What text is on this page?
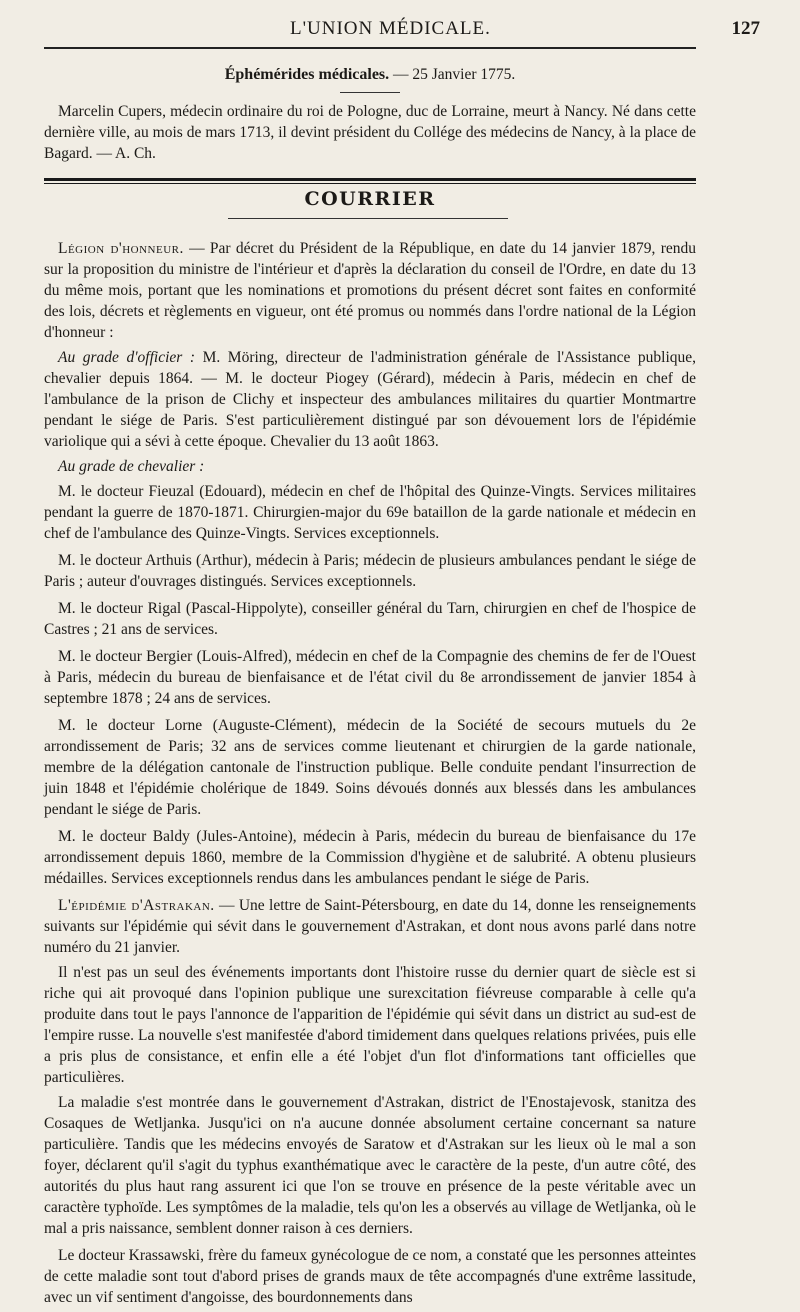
L'UNION MÉDICALE.	127

Éphémérides médicales. — 25 Janvier 1775.

Marcelin Cupers, médecin ordinaire du roi de Pologne, duc de Lorraine, meurt à Nancy. Né dans cette dernière ville, au mois de mars 1713, il devint président du Collége des médecins de Nancy, à la place de Bagard. — A. Ch.

COURRIER

Légion d'honneur. — Par décret du Président de la République, en date du 14 janvier 1879, rendu sur la proposition du ministre de l'intérieur et d'après la déclaration du conseil de l'Ordre, en date du 13 du même mois, portant que les nominations et promotions du présent décret sont faites en conformité des lois, décrets et règlements en vigueur, ont été promus ou nommés dans l'ordre national de la Légion d'honneur :

Au grade d'officier : M. Möring, directeur de l'administration générale de l'Assistance publique, chevalier depuis 1864. — M. le docteur Piogey (Gérard), médecin à Paris, médecin en chef de l'ambulance de la prison de Clichy et inspecteur des ambulances militaires du quartier Montmartre pendant le siége de Paris. S'est particulièrement distingué par son dévouement lors de l'épidémie variolique qui a sévi à cette époque. Chevalier du 13 août 1863.

Au grade de chevalier :

M. le docteur Fieuzal (Edouard), médecin en chef de l'hôpital des Quinze-Vingts. Services militaires pendant la guerre de 1870-1871. Chirurgien-major du 69e bataillon de la garde nationale et médecin en chef de l'ambulance des Quinze-Vingts. Services exceptionnels.

M. le docteur Arthuis (Arthur), médecin à Paris; médecin de plusieurs ambulances pendant le siége de Paris ; auteur d'ouvrages distingués. Services exceptionnels.

M. le docteur Rigal (Pascal-Hippolyte), conseiller général du Tarn, chirurgien en chef de l'hospice de Castres ; 21 ans de services.

M. le docteur Bergier (Louis-Alfred), médecin en chef de la Compagnie des chemins de fer de l'Ouest à Paris, médecin du bureau de bienfaisance et de l'état civil du 8e arrondissement de janvier 1854 à septembre 1878 ; 24 ans de services.

M. le docteur Lorne (Auguste-Clément), médecin de la Société de secours mutuels du 2e arrondissement de Paris; 32 ans de services comme lieutenant et chirurgien de la garde nationale, membre de la délégation cantonale de l'instruction publique. Belle conduite pendant l'insurrection de juin 1848 et l'épidémie cholérique de 1849. Soins dévoués donnés aux blessés dans les ambulances pendant le siége de Paris.

M. le docteur Baldy (Jules-Antoine), médecin à Paris, médecin du bureau de bienfaisance du 17e arrondissement depuis 1860, membre de la Commission d'hygiène et de salubrité. A obtenu plusieurs médailles. Services exceptionnels rendus dans les ambulances pendant le siége de Paris.

L'épidémie d'Astrakan. — Une lettre de Saint-Pétersbourg, en date du 14, donne les renseignements suivants sur l'épidémie qui sévit dans le gouvernement d'Astrakan, et dont nous avons parlé dans notre numéro du 21 janvier.

Il n'est pas un seul des événements importants dont l'histoire russe du dernier quart de siècle est si riche qui ait provoqué dans l'opinion publique une surexcitation fiévreuse comparable à celle qu'a produite dans tout le pays l'annonce de l'apparition de l'épidémie qui sévit dans un district au sud-est de l'empire russe. La nouvelle s'est manifestée d'abord timidement dans quelques relations privées, puis elle a pris plus de consistance, et enfin elle a été l'objet d'un flot d'informations tant officielles que particulières.

La maladie s'est montrée dans le gouvernement d'Astrakan, district de l'Enostajevosk, stanitza des Cosaques de Wetljanka. Jusqu'ici on n'a aucune donnée absolument certaine concernant sa nature particulière. Tandis que les médecins envoyés de Saratow et d'Astrakan sur les lieux où le mal a son foyer, déclarent qu'il s'agit du typhus exanthématique avec le caractère de la peste, d'un autre côté, des autorités du plus haut rang assurent ici que l'on se trouve en présence de la peste véritable avec un caractère typhoïde. Les symptômes de la maladie, tels qu'on les a observés au village de Wetljanka, où le mal a pris naissance, semblent donner raison à ces derniers.

Le docteur Krassawski, frère du fameux gynécologue de ce nom, a constaté que les personnes atteintes de cette maladie sont tout d'abord prises de grands maux de tête accompagnés d'une extrême lassitude, avec un vif sentiment d'angoisse, des bourdonnements dans
